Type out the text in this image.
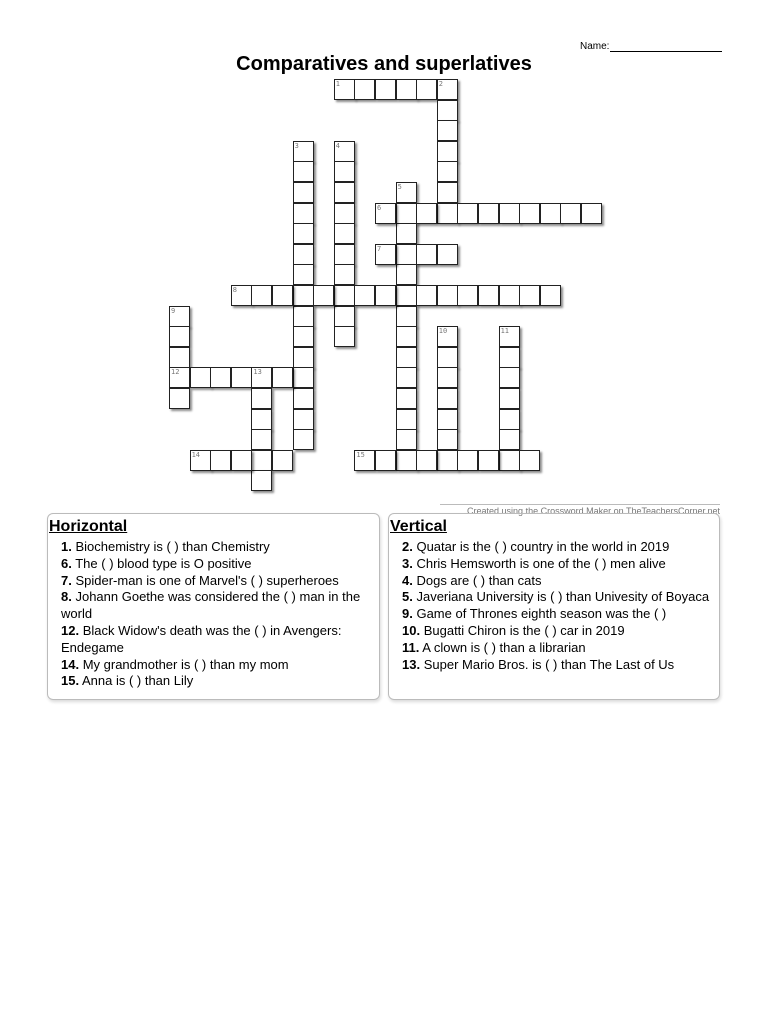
Name:
Comparatives and superlatives
1	2
3	4
5
6
7
8
9
12
10	11
13
14	15
Created using the Crossword Maker on TheTeachersCorner.net
Horizontal
1. Biochemistry is ( ) than Chemistry
6. The ( ) blood type is O positive
7. Spider-man is one of Marvel's ( ) superheroes
8. Johann Goethe was considered the ( ) man in the world
12. Black Widow's death was the ( ) in Avengers: Endegame
14. My grandmother is ( ) than my mom
15. Anna is ( ) than Lily
Vertical
2. Quatar is the ( ) country in the world in 2019
3. Chris Hemsworth is one of the ( ) men alive
4. Dogs are ( ) than cats
5. Javeriana University is ( ) than Univesity of Boyaca
9. Game of Thrones eighth season was the ( )
10. Bugatti Chiron is the ( ) car in 2019
11. A clown is ( ) than a librarian
13. Super Mario Bros. is ( ) than The Last of Us
